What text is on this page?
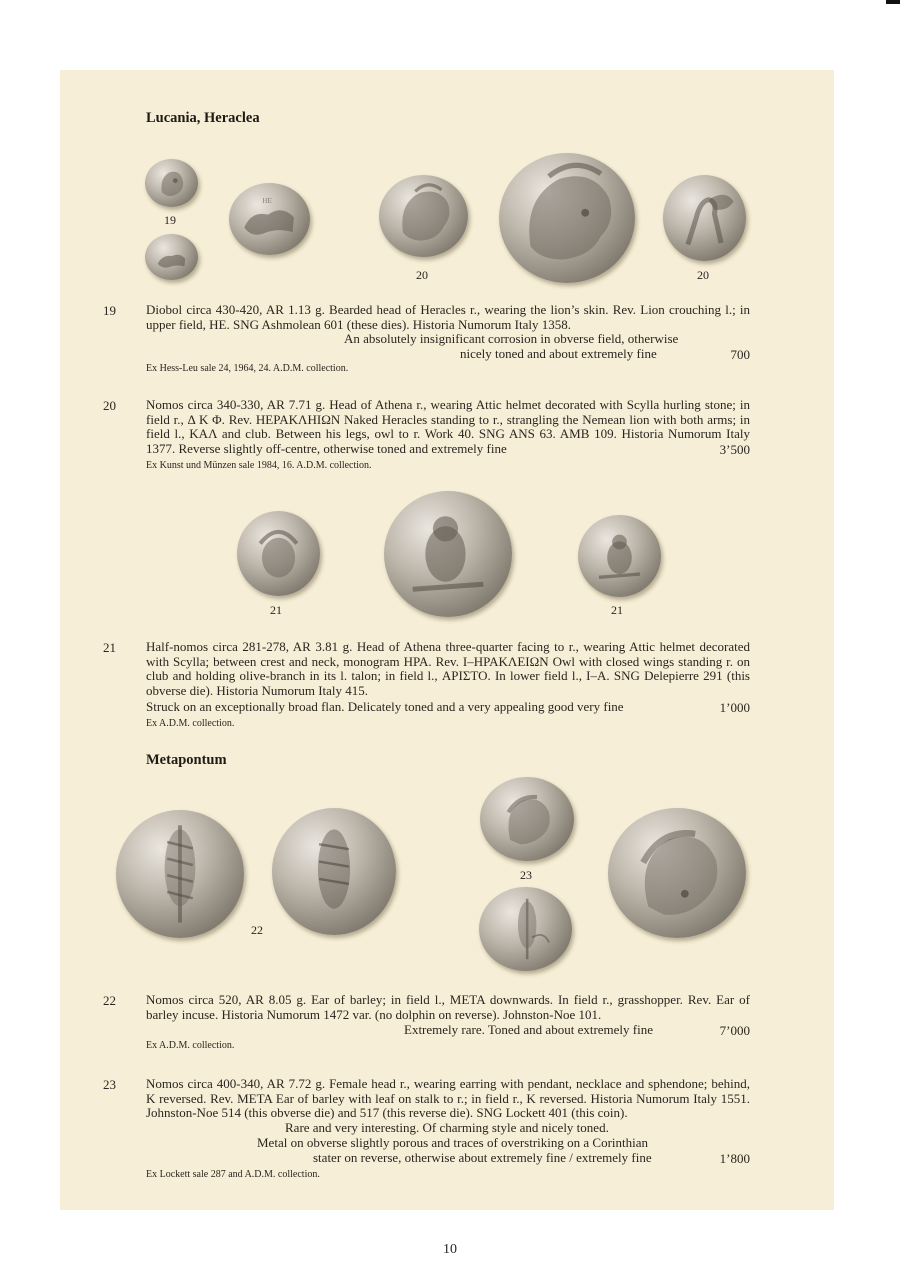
Lucania, Heraclea
19
HE
20	20
19 Diobol circa 430-420, AR 1.13 g. Bearded head of Heracles r., wearing the lion’s skin. Rev. Lion crouching l.; in upper field, HE. SNG Ashmolean 601 (these dies). Historia Numorum Italy 1358.

An absolutely insignificant corrosion in obverse field, otherwise
nicely toned and about extremely fine	700
Ex Hess-Leu sale 24, 1964, 24. A.D.M. collection.
20 Nomos circa 340-330, AR 7.71 g. Head of Athena r., wearing Attic helmet decorated with Scylla hurling stone; in field r., Δ Κ Φ. Rev. ΗΕΡΑΚΛΗΙΩΝ Naked Heracles standing to r., strangling the Nemean lion with both arms; in field l., ΚΑΛ and club. Between his legs, owl to r. Work 40. SNG ANS 63. AMB 109. Historia Numorum Italy 1377. Reverse slightly off-centre, otherwise toned and extremely fine	3’500
Ex Kunst und Münzen sale 1984, 16. A.D.M. collection.
21	21
21 Half-nomos circa 281-278, AR 3.81 g. Head of Athena three-quarter facing to r., wearing Attic helmet decorated with Scylla; between crest and neck, monogram ΗΡΑ. Rev. Ι–ΗΡΑΚΛΕΙΩΝ Owl with closed wings standing r. on club and holding olive-branch in its l. talon; in field l., ΑΡΙΣΤΟ. In lower field l., Ι–Α. SNG Delepierre 291 (this obverse die). Historia Numorum Italy 415.

Struck on an exceptionally broad flan. Delicately toned and a very appealing good very fine	1’000
Ex A.D.M. collection.
Metapontum
22
23
22 Nomos circa 520, AR 8.05 g. Ear of barley; in field l., META downwards. In field r., grasshopper. Rev. Ear of barley incuse. Historia Numorum 1472 var. (no dolphin on reverse). Johnston-Noe 101.

Extremely rare. Toned and about extremely fine	7’000
Ex A.D.M. collection.
23 Nomos circa 400-340, AR 7.72 g. Female head r., wearing earring with pendant, necklace and sphendone; behind, K reversed. Rev. META Ear of barley with leaf on stalk to r.; in field r., K reversed. Historia Numorum Italy 1551. Johnston-Noe 514 (this obverse die) and 517 (this reverse die). SNG Lockett 401 (this coin).

Rare and very interesting. Of charming style and nicely toned.
Metal on obverse slightly porous and traces of overstriking on a Corinthian
stater on reverse, otherwise about extremely fine / extremely fine	1’800
Ex Lockett sale 287 and A.D.M. collection.
10
